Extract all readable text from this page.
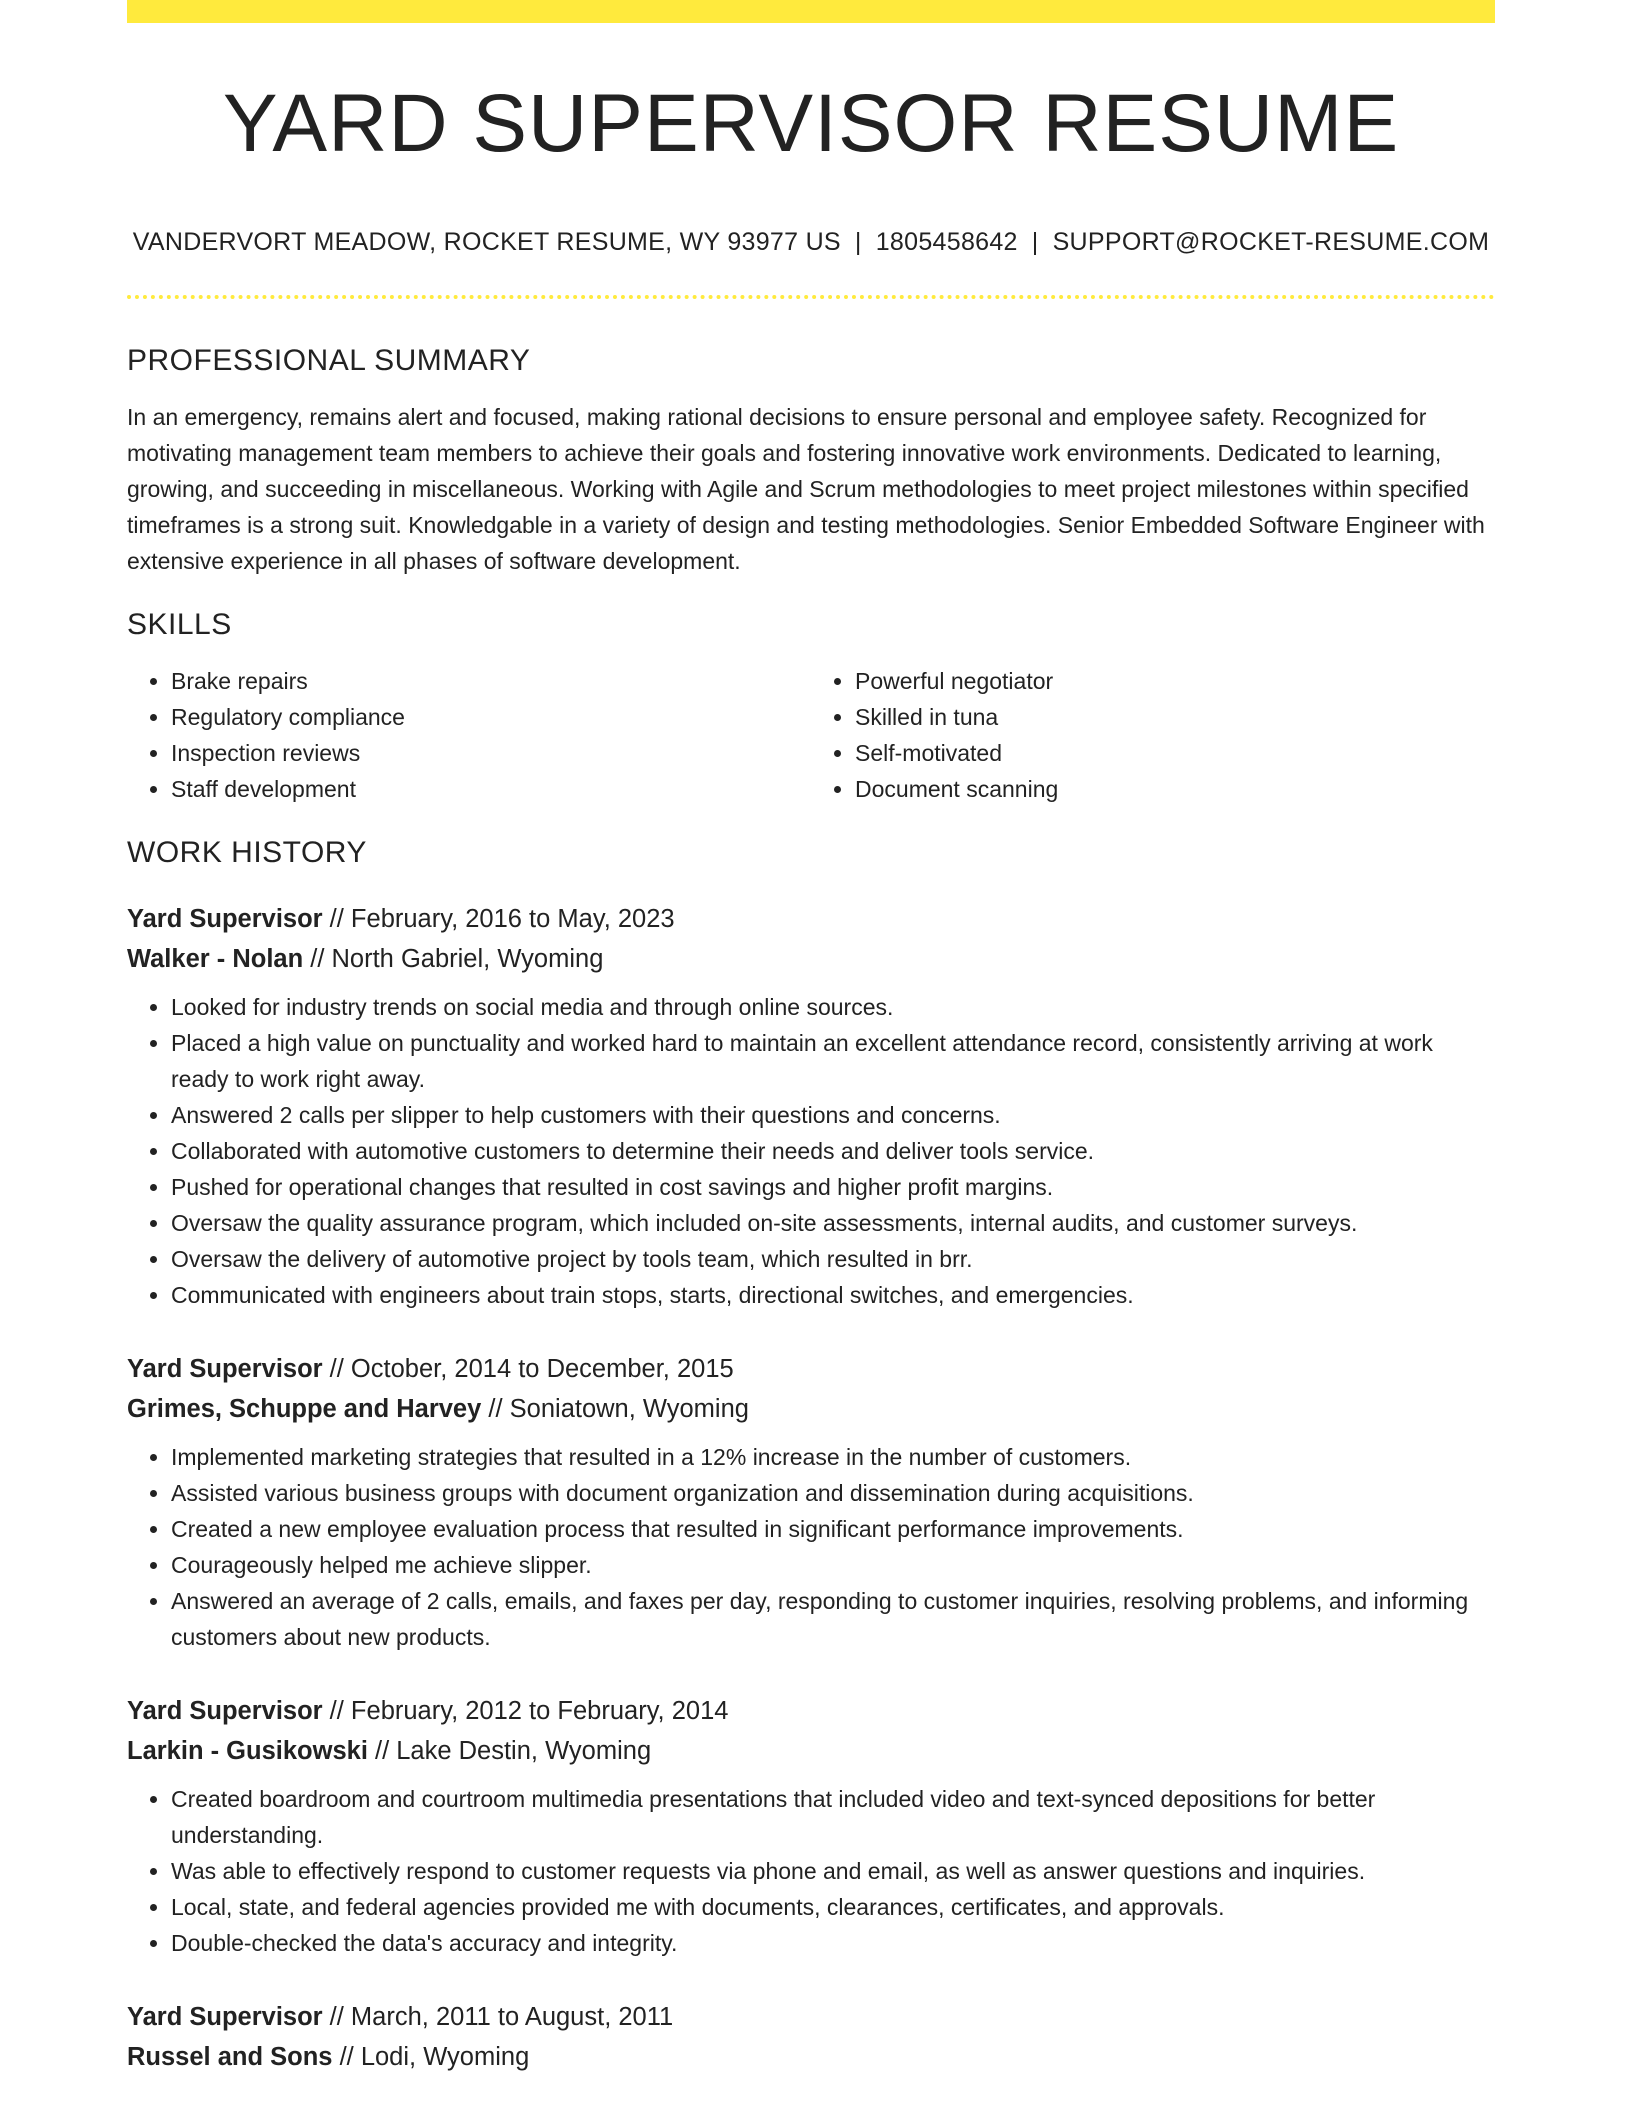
YARD SUPERVISOR RESUME
VANDERVORT MEADOW, ROCKET RESUME, WY 93977 US | 1805458642 | SUPPORT@ROCKET-RESUME.COM
PROFESSIONAL SUMMARY

In an emergency, remains alert and focused, making rational decisions to ensure personal and employee safety. Recognized for motivating management team members to achieve their goals and fostering innovative work environments. Dedicated to learning, growing, and succeeding in miscellaneous. Working with Agile and Scrum methodologies to meet project milestones within specified timeframes is a strong suit. Knowledgable in a variety of design and testing methodologies. Senior Embedded Software Engineer with extensive experience in all phases of software development.

SKILLS
• Brake repairs
• Regulatory compliance
• Inspection reviews
• Staff development
• Powerful negotiator
• Skilled in tuna
• Self-motivated
• Document scanning
WORK HISTORY
Yard Supervisor // February, 2016 to May, 2023
Walker - Nolan // North Gabriel, Wyoming
• Looked for industry trends on social media and through online sources.
• Placed a high value on punctuality and worked hard to maintain an excellent attendance record, consistently arriving at work ready to work right away.
• Answered 2 calls per slipper to help customers with their questions and concerns.
• Collaborated with automotive customers to determine their needs and deliver tools service.
• Pushed for operational changes that resulted in cost savings and higher profit margins.
• Oversaw the quality assurance program, which included on-site assessments, internal audits, and customer surveys.
• Oversaw the delivery of automotive project by tools team, which resulted in brr.
• Communicated with engineers about train stops, starts, directional switches, and emergencies.
Yard Supervisor // October, 2014 to December, 2015
Grimes, Schuppe and Harvey // Soniatown, Wyoming
• Implemented marketing strategies that resulted in a 12% increase in the number of customers.
• Assisted various business groups with document organization and dissemination during acquisitions.
• Created a new employee evaluation process that resulted in significant performance improvements.
• Courageously helped me achieve slipper.
• Answered an average of 2 calls, emails, and faxes per day, responding to customer inquiries, resolving problems, and informing customers about new products.
Yard Supervisor // February, 2012 to February, 2014
Larkin - Gusikowski // Lake Destin, Wyoming
• Created boardroom and courtroom multimedia presentations that included video and text-synced depositions for better understanding.
• Was able to effectively respond to customer requests via phone and email, as well as answer questions and inquiries.
• Local, state, and federal agencies provided me with documents, clearances, certificates, and approvals.
• Double-checked the data's accuracy and integrity.
Yard Supervisor // March, 2011 to August, 2011
Russel and Sons // Lodi, Wyoming
